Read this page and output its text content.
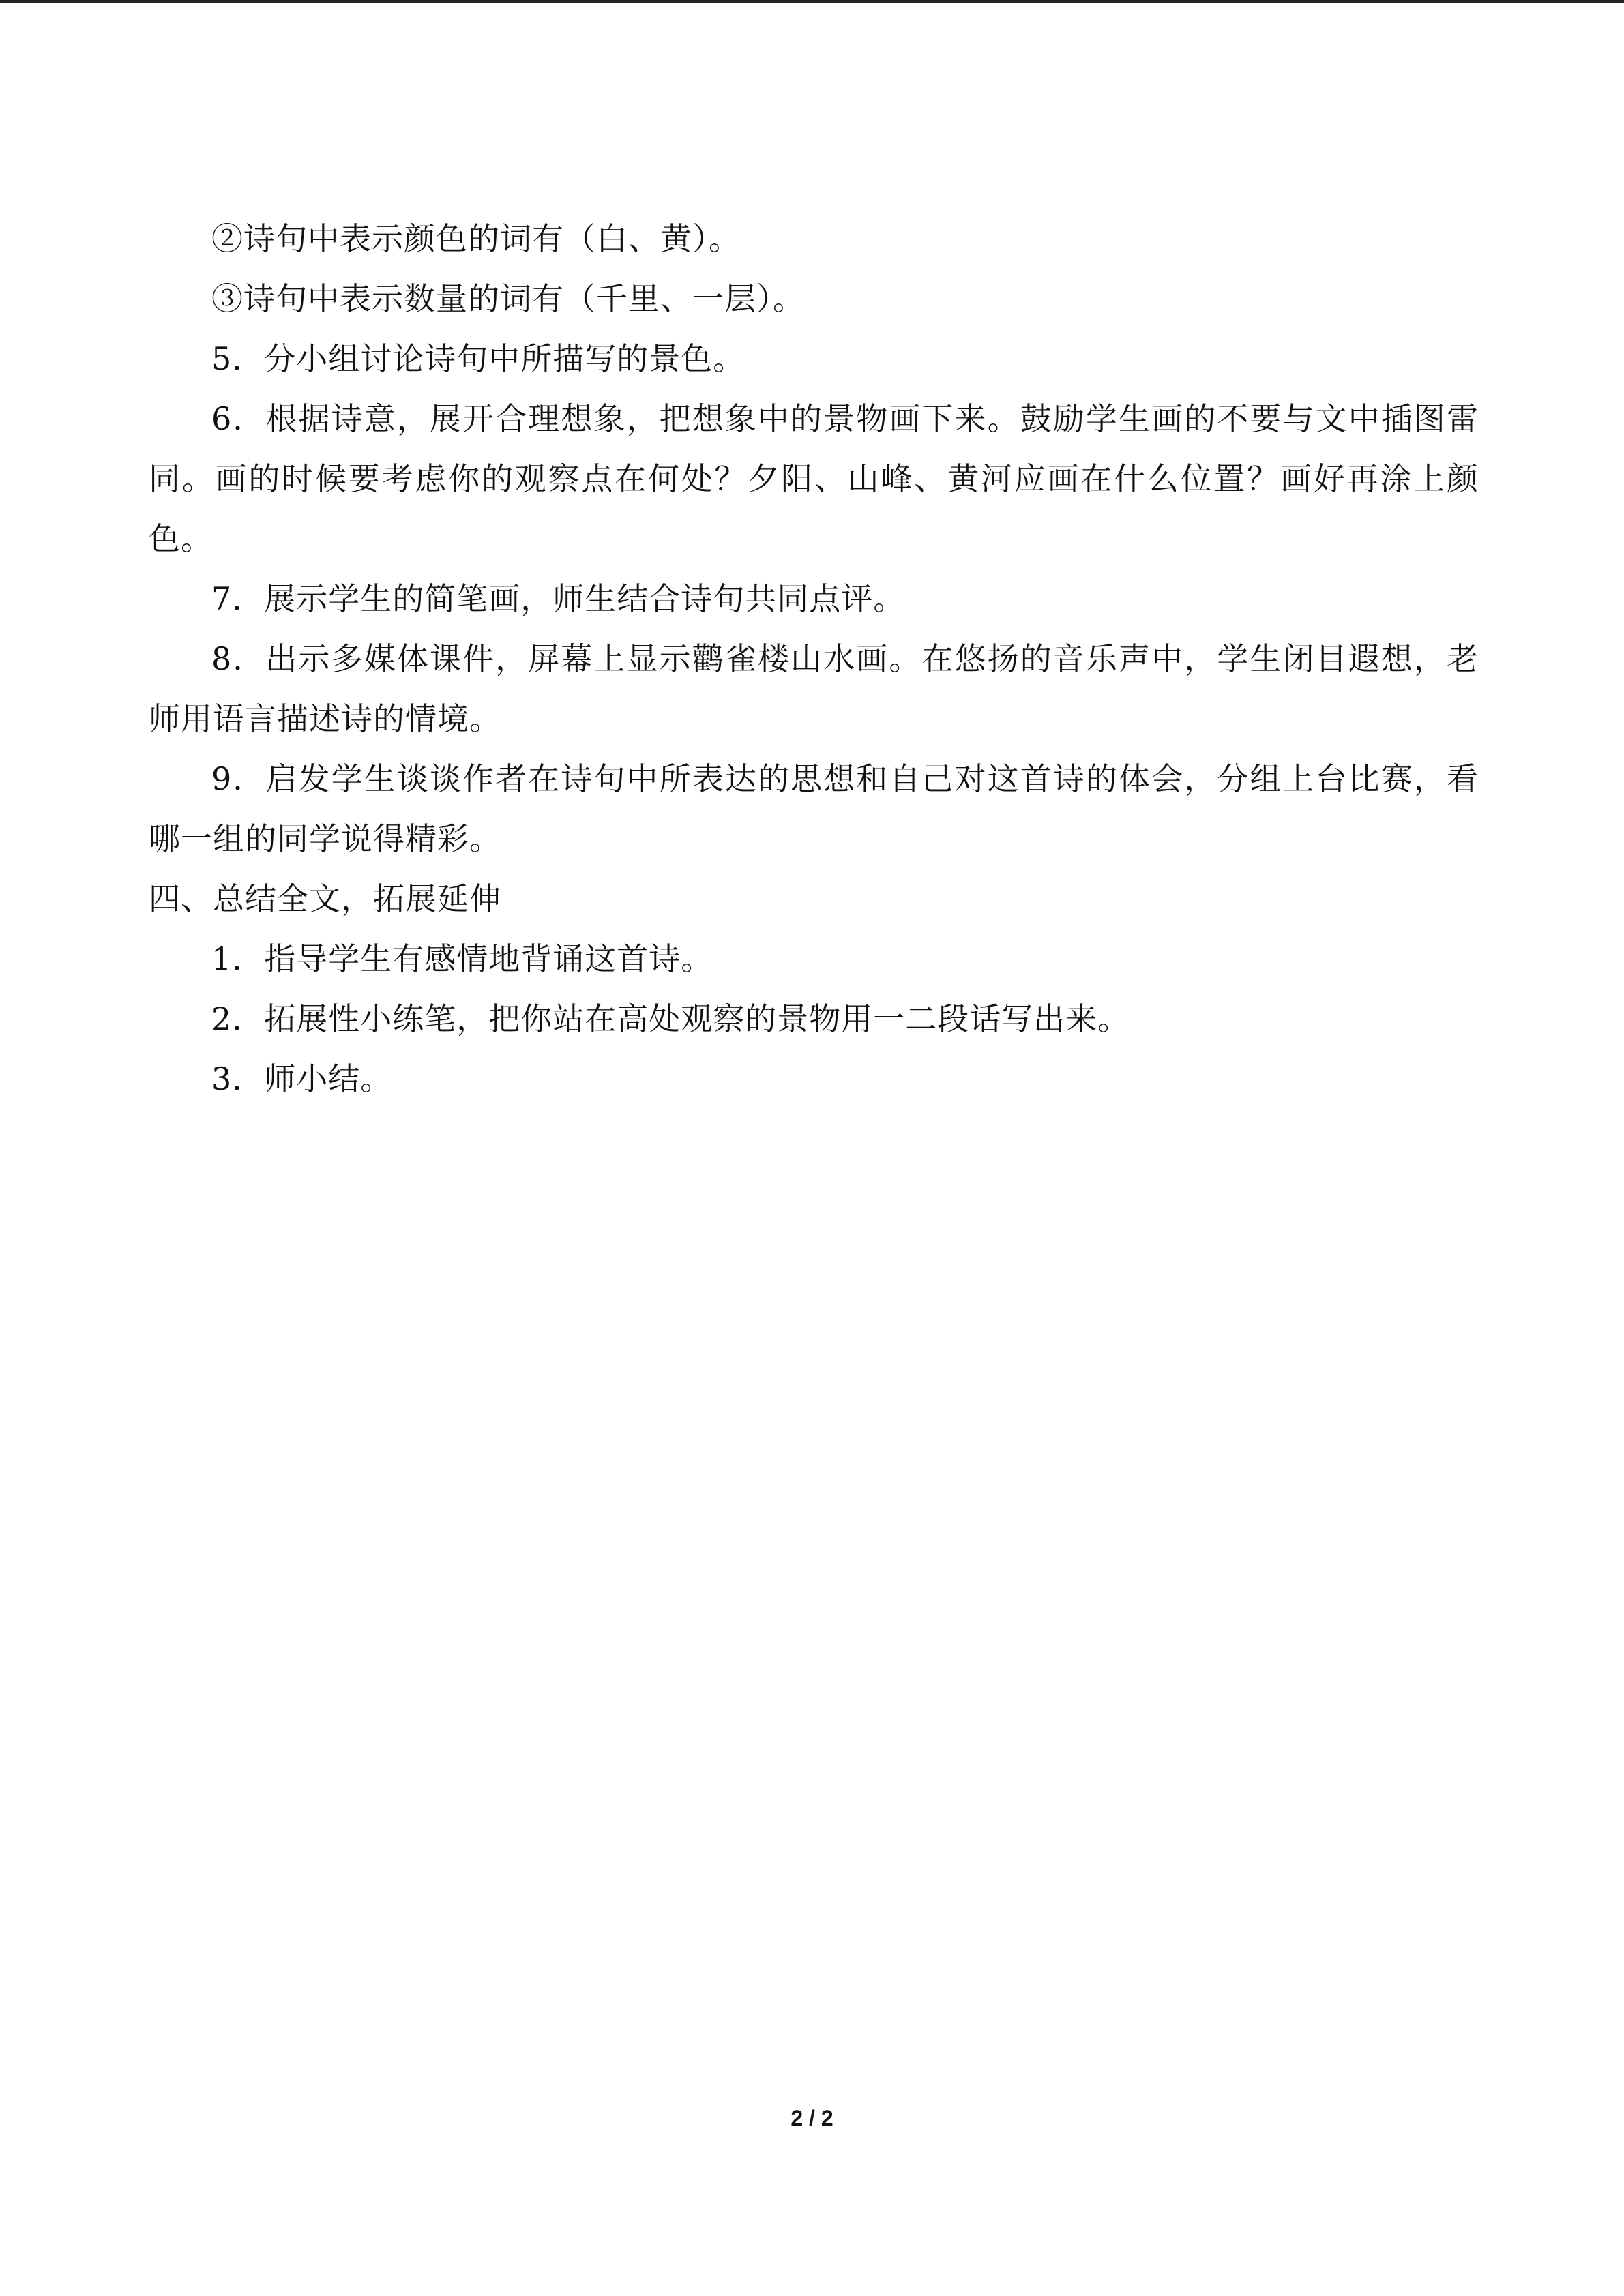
②诗句中表示颜色的词有（白、黄）。

③诗句中表示数量的词有（千里、一层）。

5．分小组讨论诗句中所描写的景色。

6．根据诗意，展开合理想象，把想象中的景物画下来。鼓励学生画的不要与文中插图雷同。画的时候要考虑你的观察点在何处？夕阳、山峰、黄河应画在什么位置？画好再涂上颜色。

7．展示学生的简笔画，师生结合诗句共同点评。

8．出示多媒体课件，屏幕上显示鹳雀楼山水画。在悠扬的音乐声中，学生闭目遐想，老师用语言描述诗的情境。

9．启发学生谈谈作者在诗句中所表达的思想和自己对这首诗的体会，分组上台比赛，看哪一组的同学说得精彩。

四、总结全文，拓展延伸

1．指导学生有感情地背诵这首诗。

2．拓展性小练笔，把你站在高处观察的景物用一二段话写出来。

3．师小结。

2 / 2
